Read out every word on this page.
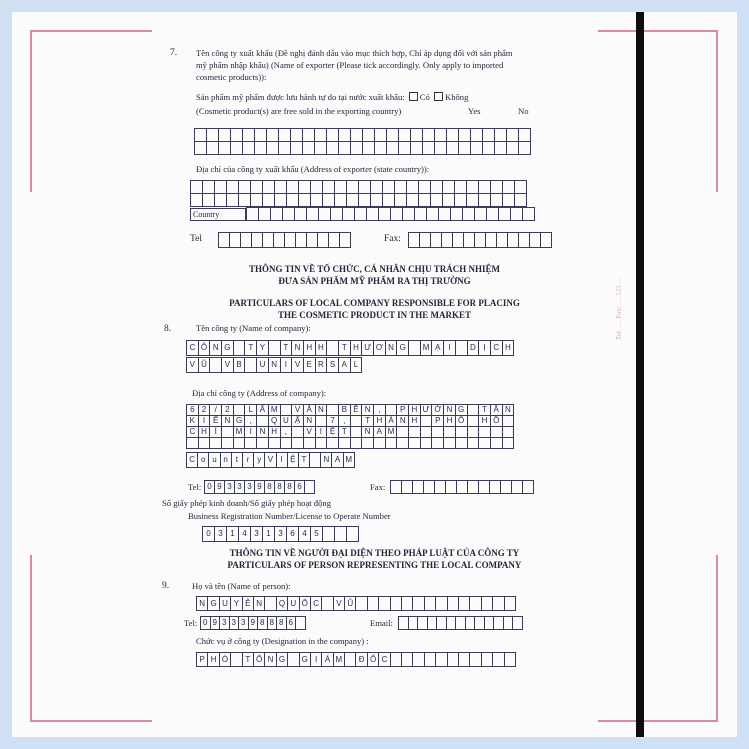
Tel: … Fax: … 123 …
7. Tên công ty xuất khẩu (Đề nghị đánh dấu vào mục thích hợp, Chỉ áp dụng đối với sản phẩm
mỹ phẩm nhập khẩu) (Name of exporter (Please tick accordingly. Only apply to imported
cosmetic products)):
Sản phẩm mỹ phẩm được lưu hành tự do tại nước xuất khẩu: Có Không
(Cosmetic product(s) are free sold in the exporting country)	Yes	No
Địa chỉ của công ty xuất khẩu (Address of exporter (state country)):
Country
Tel	Fax:
THÔNG TIN VỀ TỔ CHỨC, CÁ NHÂN CHỊU TRÁCH NHIỆM
ĐƯA SẢN PHẨM MỸ PHẨM RA THỊ TRƯỜNG
PARTICULARS OF LOCAL COMPANY RESPONSIBLE FOR PLACING
THE COSMETIC PRODUCT IN THE MARKET
8.	Tên công ty (Name of company):
C Ô N G	T Y	T N H H	T H Ư Ơ N G	M Ạ I	D Ị C H
V Ũ	V B	U N I V E R S A L
Địa chỉ công ty (Address of company):
6 2	/	2	L Â M	V Ă N	B Ề N ,	P H Ư Ờ N G	T Â N
K I Ể N G ,	Q U Ậ N	7	,	T H À N H	P H Ố	H Ồ
C H Í	M I N H ,	V I Ệ T	N A M
C o u n t	r y V I Ệ T	N A M
Tel: 0 9 3 3 3 9 8 8 8 6	Fax:
Số giấy phép kinh doanh/Số giấy phép hoạt động
Business Registration Number/License to Operate Number
0 3 1 4 3 1 3 6 4 5
THÔNG TIN VỀ NGƯỜI ĐẠI DIỆN THEO PHÁP LUẬT CỦA CÔNG TY
PARTICULARS OF PERSON REPRESENTING THE LOCAL COMPANY
9.	Họ và tên (Name of person):
N G U Y Ễ N	Q U Ố C	V Ũ
Tel: 0 9 3 3 3 9 8 8 8 6	Email:
Chức vụ ở công ty (Designation in the company) :
P H Ó	T Ổ N G	G I Á M	Đ Ố C
